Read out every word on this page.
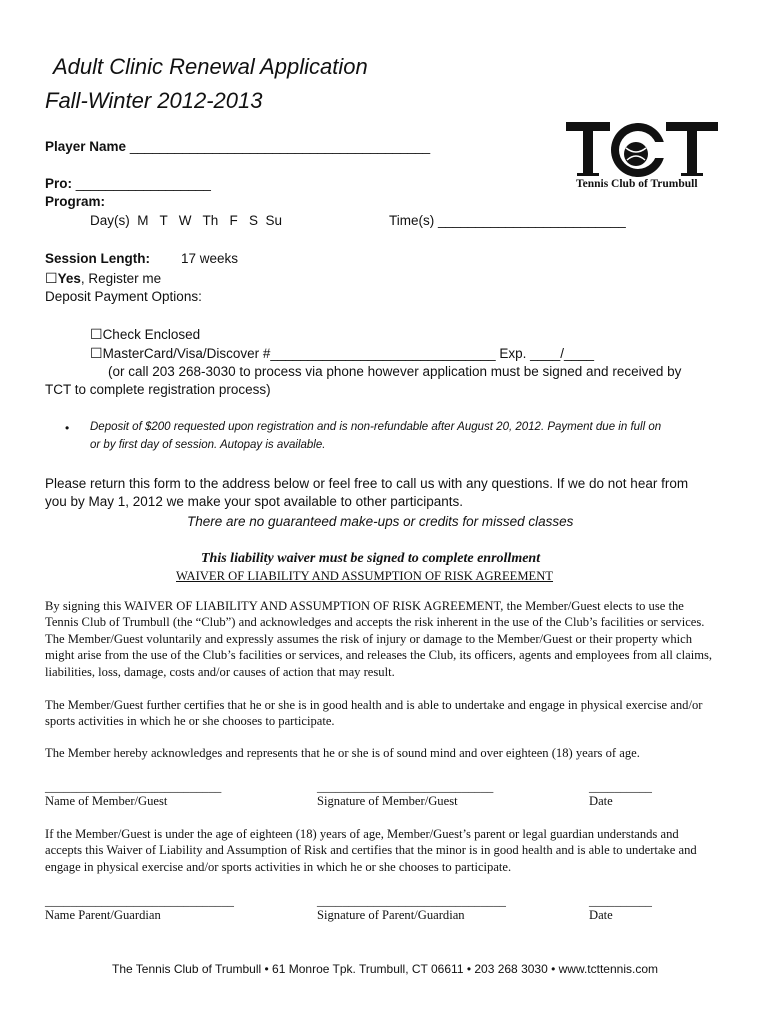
Adult Clinic Renewal Application
Fall-Winter 2012-2013
Tennis Club of Trumbull
Player Name ________________________________________
Pro: __________________
Program:
Day(s)  M   T   W   Th   F   S  Su	Time(s) _________________________
Session Length: 17 weeks
☐Yes, Register me
Deposit Payment Options:
☐Check Enclosed
☐MasterCard/Visa/Discover #______________________________ Exp. ____/____
(or call 203 268-3030 to process via phone however application must be signed and received by
TCT to complete registration process)
• Deposit of $200 requested upon registration and is non-refundable after August 20, 2012. Payment due in full on
or by first day of session. Autopay is available.
Please return this form to the address below or feel free to call us with any questions. If we do not hear from
you by May 1, 2012 we make your spot available to other participants.
There are no guaranteed make-ups or credits for missed classes
This liability waiver must be signed to complete enrollment
WAIVER OF LIABILITY AND ASSUMPTION OF RISK AGREEMENT
By signing this WAIVER OF LIABILITY AND ASSUMPTION OF RISK AGREEMENT, the Member/Guest elects to use the Tennis Club of Trumbull (the “Club”) and acknowledges and accepts the risk inherent in the use of the Club’s facilities or services. The Member/Guest voluntarily and expressly assumes the risk of injury or damage to the Member/Guest or their property which might arise from the use of the Club’s facilities or services, and releases the Club, its officers, agents and employees from all claims, liabilities, loss, damage, costs and/or causes of action that may result.
The Member/Guest further certifies that he or she is in good health and is able to undertake and engage in physical exercise and/or sports activities in which he or she chooses to participate.
The Member hereby acknowledges and represents that he or she is of sound mind and over eighteen (18) years of age.
____________________________	____________________________	__________
Name of Member/Guest	Signature of Member/Guest	Date
If the Member/Guest is under the age of eighteen (18) years of age, Member/Guest’s parent or legal guardian understands and accepts this Waiver of Liability and Assumption of Risk and certifies that the minor is in good health and is able to undertake and engage in physical exercise and/or sports activities in which he or she chooses to participate.
______________________________	______________________________	__________
Name Parent/Guardian	Signature of Parent/Guardian	Date
The Tennis Club of Trumbull • 61 Monroe Tpk. Trumbull, CT 06611 • 203 268 3030 • www.tcttennis.com
